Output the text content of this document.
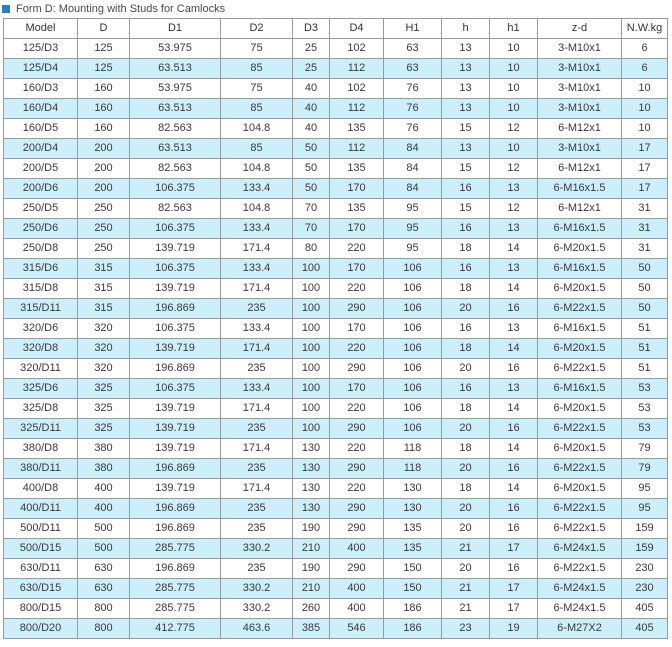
Form D: Mounting with Studs for Camlocks
Model	D	D1	D2	D3	D4	H1	h	h1	z-d	N.W.kg
125/D3	125	53.975	75	25	102	63	13	10	3-M10x1	6
125/D4	125	63.513	85	25	112	63	13	10	3-M10x1	6
160/D3	160	53.975	75	40	102	76	13	10	3-M10x1	10
160/D4	160	63.513	85	40	112	76	13	10	3-M10x1	10
160/D5	160	82.563	104.8	40	135	76	15	12	6-M12x1	10
200/D4	200	63.513	85	50	112	84	13	10	3-M10x1	17
200/D5	200	82.563	104.8	50	135	84	15	12	6-M12x1	17
200/D6	200	106.375	133.4	50	170	84	16	13	6-M16x1.5	17
250/D5	250	82.563	104.8	70	135	95	15	12	6-M12x1	31
250/D6	250	106.375	133.4	70	170	95	16	13	6-M16x1.5	31
250/D8	250	139.719	171.4	80	220	95	18	14	6-M20x1.5	31
315/D6	315	106.375	133.4	100	170	106	16	13	6-M16x1.5	50
315/D8	315	139.719	171.4	100	220	106	18	14	6-M20x1.5	50
315/D11	315	196.869	235	100	290	106	20	16	6-M22x1.5	50
320/D6	320	106.375	133.4	100	170	106	16	13	6-M16x1.5	51
320/D8	320	139.719	171.4	100	220	106	18	14	6-M20x1.5	51
320/D11	320	196.869	235	100	290	106	20	16	6-M22x1.5	51
325/D6	325	106.375	133.4	100	170	106	16	13	6-M16x1.5	53
325/D8	325	139.719	171.4	100	220	106	18	14	6-M20x1.5	53
325/D11	325	139.719	235	100	290	106	20	16	6-M22x1.5	53
380/D8	380	139.719	171.4	130	220	118	18	14	6-M20x1.5	79
380/D11	380	196.869	235	130	290	118	20	16	6-M22x1.5	79
400/D8	400	139.719	171.4	130	220	130	18	14	6-M20x1.5	95
400/D11	400	196.869	235	130	290	130	20	16	6-M22x1.5	95
500/D11	500	196.869	235	190	290	135	20	16	6-M22x1.5	159
500/D15	500	285.775	330.2	210	400	135	21	17	6-M24x1.5	159
630/D11	630	196.869	235	190	290	150	20	16	6-M22x1.5	230
630/D15	630	285.775	330.2	210	400	150	21	17	6-M24x1.5	230
800/D15	800	285.775	330.2	260	400	186	21	17	6-M24x1.5	405
800/D20	800	412.775	463.6	385	546	186	23	19	6-M27X2	405
